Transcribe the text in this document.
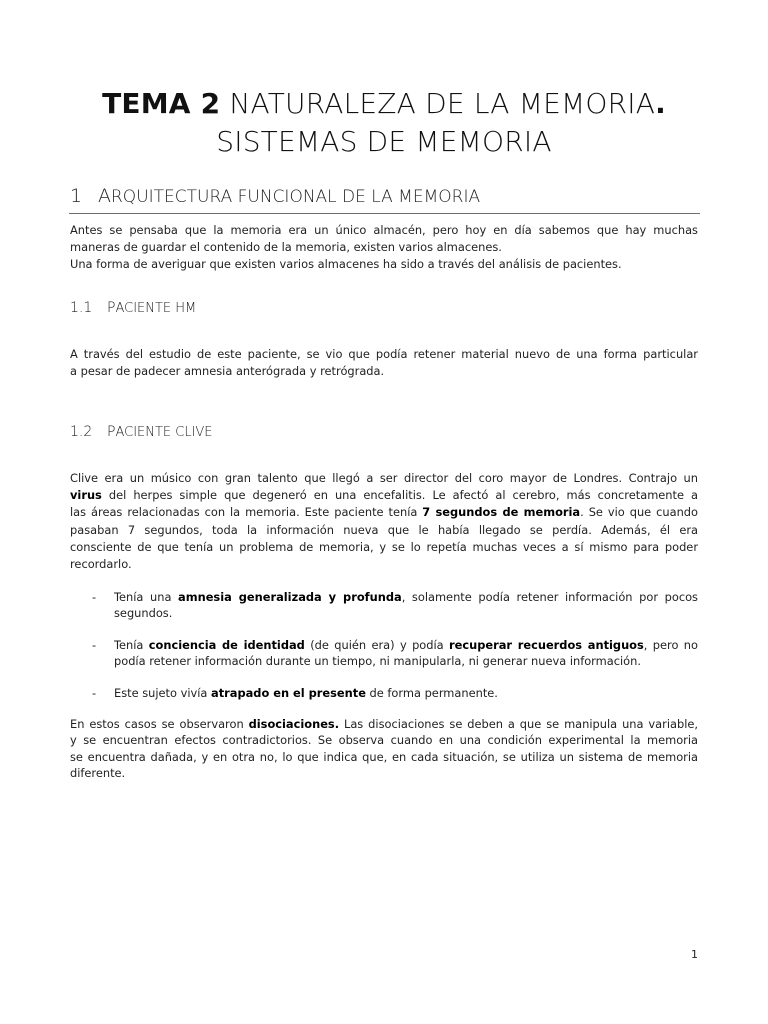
TEMA 2 NATURALEZA DE LA MEMORIA.
SISTEMAS DE MEMORIA
1 ARQUITECTURA FUNCIONAL DE LA MEMORIA
Antes se pensaba que la memoria era un único almacén, pero hoy en día sabemos que hay muchas
maneras de guardar el contenido de la memoria, existen varios almacenes.
Una forma de averiguar que existen varios almacenes ha sido a través del análisis de pacientes.
1.1 PACIENTE HM
A través del estudio de este paciente, se vio que podía retener material nuevo de una forma particular
a pesar de padecer amnesia anterógrada y retrógrada.
1.2 PACIENTE CLIVE
Clive era un músico con gran talento que llegó a ser director del coro mayor de Londres. Contrajo un
virus del herpes simple que degeneró en una encefalitis. Le afectó al cerebro, más concretamente a
las áreas relacionadas con la memoria. Este paciente tenía 7 segundos de memoria. Se vio que cuando
pasaban 7 segundos, toda la información nueva que le había llegado se perdía. Además, él era
consciente de que tenía un problema de memoria, y se lo repetía muchas veces a sí mismo para poder
recordarlo.
- Tenía una amnesia generalizada y profunda, solamente podía retener información por pocos
segundos.
- Tenía conciencia de identidad (de quién era) y podía recuperar recuerdos antiguos, pero no
podía retener información durante un tiempo, ni manipularla, ni generar nueva información.
- Este sujeto vivía atrapado en el presente de forma permanente.
En estos casos se observaron disociaciones. Las disociaciones se deben a que se manipula una variable,
y se encuentran efectos contradictorios. Se observa cuando en una condición experimental la memoria
se encuentra dañada, y en otra no, lo que indica que, en cada situación, se utiliza un sistema de memoria
diferente.
1
